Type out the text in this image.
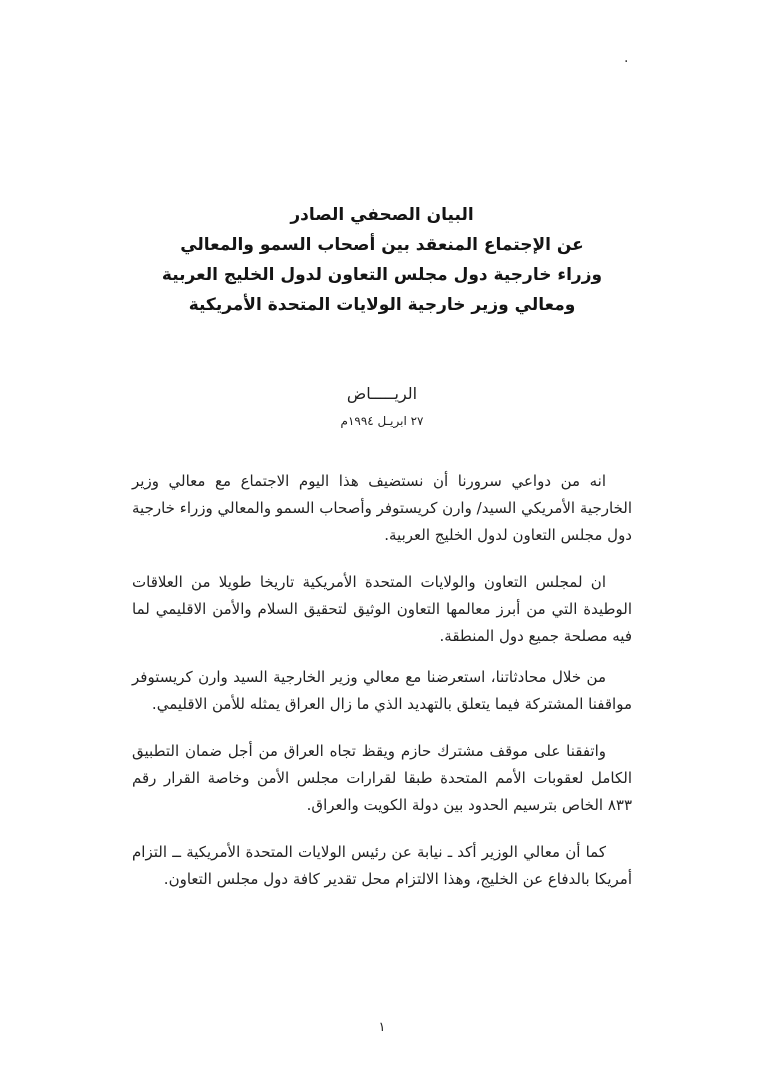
.
البيان الصحفي الصادر
عن الإجتماع المنعقد بين أصحاب السمو والمعالي
وزراء خارجية دول مجلس التعاون لدول الخليج العربية
ومعالي وزير خارجية الولايات المتحدة الأمريكية
الريـــــاض
٢٧ ابريـل ١٩٩٤م

انه من دواعي سرورنا أن نستضيف هذا اليوم الاجتماع مع معالي وزير الخارجية الأمريكي السيد/ وارن كريستوفر وأصحاب السمو والمعالي وزراء خارجية دول مجلس التعاون لدول الخليج العربية.

ان لمجلس التعاون والولايات المتحدة الأمريكية تاريخا طويلا من العلاقات الوطيدة التي من أبرز معالمها التعاون الوثيق لتحقيق السلام والأمن الاقليمي لما فيه مصلحة جميع دول المنطقة.

من خلال محادثاتنا، استعرضنا مع معالي وزير الخارجية السيد وارن كريستوفر مواقفنا المشتركة فيما يتعلق بالتهديد الذي ما زال العراق يمثله للأمن الاقليمي.

واتفقنا على موقف مشترك حازم ويقظ تجاه العراق من أجل ضمان التطبيق الكامل لعقوبات الأمم المتحدة طبقا لقرارات مجلس الأمن وخاصة القرار رقم ٨٣٣ الخاص بترسيم الحدود بين دولة الكويت والعراق.

كما أن معالي الوزير أكد ـ نيابة عن رئيس الولايات المتحدة الأمريكية ــ التزام أمريكا بالدفاع عن الخليج، وهذا الالتزام محل تقدير كافة دول مجلس التعاون.

١
